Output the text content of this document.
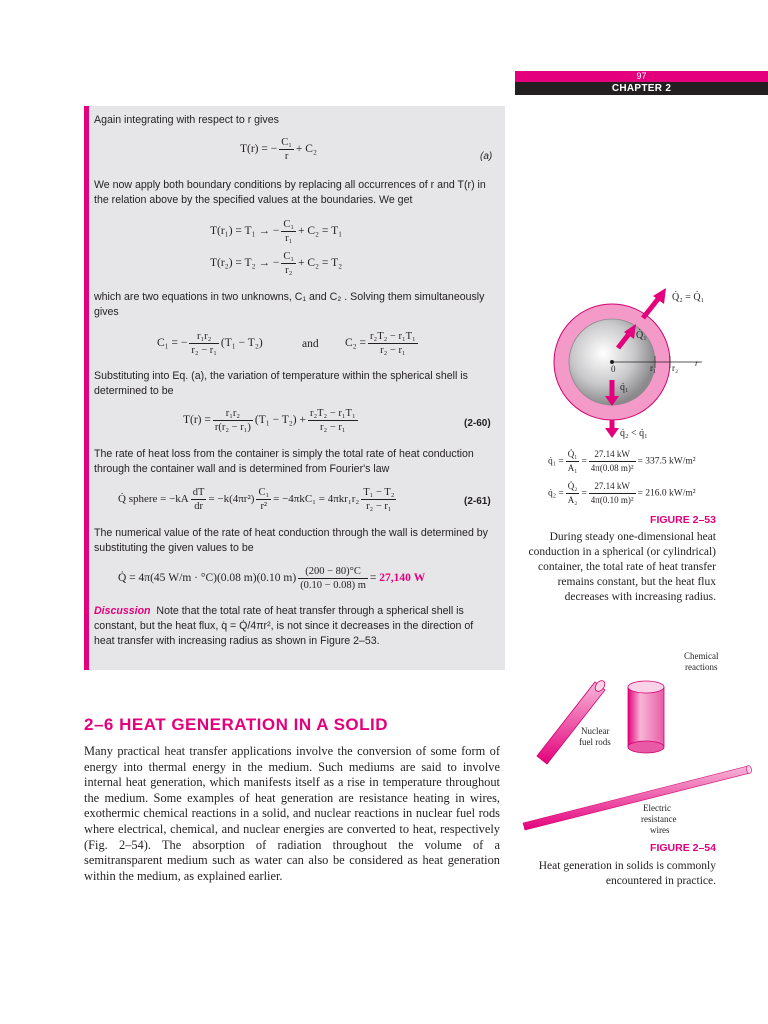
97
CHAPTER 2
Again integrating with respect to r gives
T(r) = − $\frac{\text{C₁}}{r} + C_2$
(a)
We now apply both boundary conditions by replacing all occurrences of r and T(r) in the relation above by the specified values at the boundaries. We get
T(r₁) = T₁ → − $\frac{\text{C₁}}{\text{r₁}} + C_2 = T_1$
T(r₂) = T₂ → − $\frac{\text{C₁}}{\text{r₂}} + C_2 = T_2$
which are two equations in two unknowns, C₁ and C₂ . Solving them simultaneously gives
C₁ = − $\frac{\text{r₁r₂}}{\text{r₂ − r₁}} (T_1 - T_2)$	and $C_2 = \frac{\text{r₂T₂ − r₁T₁}}{\text{r₂ − r₁}}$
Substituting into Eq. (a), the variation of temperature within the spherical shell is determined to be
$T(r) = \frac{\text{r₁r₂}}{\text{r(r₂ − r₁)}} (T_1 - T_2) + \frac{\text{r₂T₂ − r₁T₁}}{\text{r₂ − r₁}}$	(2-60)
The rate of heat loss from the container is simply the total rate of heat conduction through the container wall and is determined from Fourier's law
Q̇ sphere = $-kA \frac{dT}{dr} = -k(4\pi r^2) \frac{\text{C₁}}{\text{r²}} = -4\pi kC_1 = 4\pi kr_1r_2 \frac{\text{T₁ − T₂}}{\text{r₂ − r₁}}$	(2-61)
The numerical value of the rate of heat conduction through the wall is determined by substituting the given values to be
Q̇ = 4π(45 W/m · °C)(0.08 m)(0.10 $m) \frac{(200 - 80)^\circ C}{(0.10 - 0.08) m} = 27,140$ W
Discussion Note that the total rate of heat transfer through a spherical shell is constant, but the heat flux, q̇ = Q̇/4πr², is not since it decreases in the direction of heat transfer with increasing radius as shown in Figure 2–53.
2–6 HEAT GENERATION IN A SOLID
Many practical heat transfer applications involve the conversion of some form of energy into thermal energy in the medium. Such mediums are said to involve internal heat generation, which manifests itself as a rise in temperature throughout the medium. Some examples of heat generation are resistance heating in wires, exothermic chemical reactions in a solid, and nuclear reactions in nuclear fuel rods where electrical, chemical, and nuclear energies are converted to heat, respectively (Fig. 2–54). The absorption of radiation throughout the volume of a semitransparent medium such as water can also be considered as heat generation within the medium, as explained earlier.
Q̇₂ = Q̇₁
Q̇₁
0	r₁ r₂ r
q̇₁
q̇₂ < q̇₁
q̇₁ = $\frac{\text{Q̇₁}}{\text{A₁}} = \frac{27.14 kW}{\text{4π(0.08 m)²}} = 337.5$ kW/m²
q̇₂ = $\frac{\text{Q̇₂}}{\text{A₂}} = \frac{27.14 kW}{\text{4π(0.10 m)²}} = 216.0$ kW/m²
FIGURE 2–53
During steady one-dimensional heat conduction in a spherical (or cylindrical) container, the total rate of heat transfer remains constant, but the heat flux decreases with increasing radius.
Chemical
reactions
Nuclear
fuel rods
Electric
resistance
wires
FIGURE 2–54
Heat generation in solids is commonly encountered in practice.
